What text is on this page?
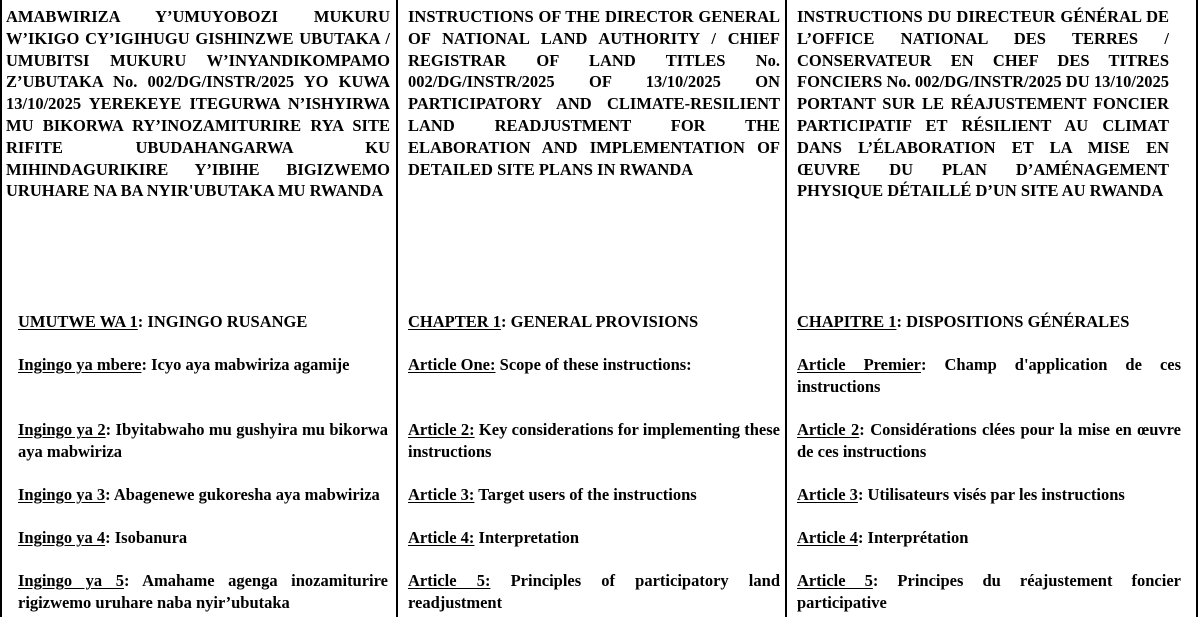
AMABWIRIZA Y’UMUYOBOZI MUKURU W’IKIGO CY’IGIHUGU GISHINZWE UBUTAKA / UMUBITSI MUKURU W’INYANDIKOMPAMO Z’UBUTAKA No. 002/DG/INSTR/2025 YO KUWA 13/10/2025 YEREKEYE ITEGURWA N’ISHYIRWA MU BIKORWA RY’INOZAMITURIRE RYA SITE RIFITE UBUDAHANGARWA KU MIHINDAGURIKIRE Y’IBIHE BIGIZWEMO URUHARE NA BA NYIR'UBUTAKA MU RWANDA
UMUTWE WA 1: INGINGO RUSANGE
Ingingo ya mbere: Icyo aya mabwiriza agamije
Ingingo ya 2: Ibyitabwaho mu gushyira mu bikorwa aya mabwiriza
Ingingo ya 3: Abagenewe gukoresha aya mabwiriza
Ingingo ya 4: Isobanura
Ingingo ya 5: Amahame agenga inozamiturire rigizwemo uruhare naba nyir’ubutaka
INSTRUCTIONS OF THE DIRECTOR GENERAL OF NATIONAL LAND AUTHORITY / CHIEF REGISTRAR OF LAND TITLES No. 002/DG/INSTR/2025 OF 13/10/2025 ON PARTICIPATORY AND CLIMATE-RESILIENT LAND READJUSTMENT FOR THE ELABORATION AND IMPLEMENTATION OF DETAILED SITE PLANS IN RWANDA
CHAPTER 1: GENERAL PROVISIONS
Article One: Scope of these instructions:
Article 2: Key considerations for implementing these instructions
Article 3: Target users of the instructions
Article 4: Interpretation
Article 5: Principles of participatory land readjustment
INSTRUCTIONS DU DIRECTEUR GÉNÉRAL DE L’OFFICE NATIONAL DES TERRES / CONSERVATEUR EN CHEF DES TITRES FONCIERS No. 002/DG/INSTR/2025 DU 13/10/2025 PORTANT SUR LE RÉAJUSTEMENT FONCIER PARTICIPATIF ET RÉSILIENT AU CLIMAT DANS L’ÉLABORATION ET LA MISE EN ŒUVRE DU PLAN D’AMÉNAGEMENT PHYSIQUE DÉTAILLÉ D’UN SITE AU RWANDA
CHAPITRE 1: DISPOSITIONS GÉNÉRALES
Article Premier: Champ d'application de ces instructions
Article 2: Considérations clées pour la mise en œuvre de ces instructions
Article 3: Utilisateurs visés par les instructions
Article 4: Interprétation
Article 5: Principes du réajustement foncier participative
